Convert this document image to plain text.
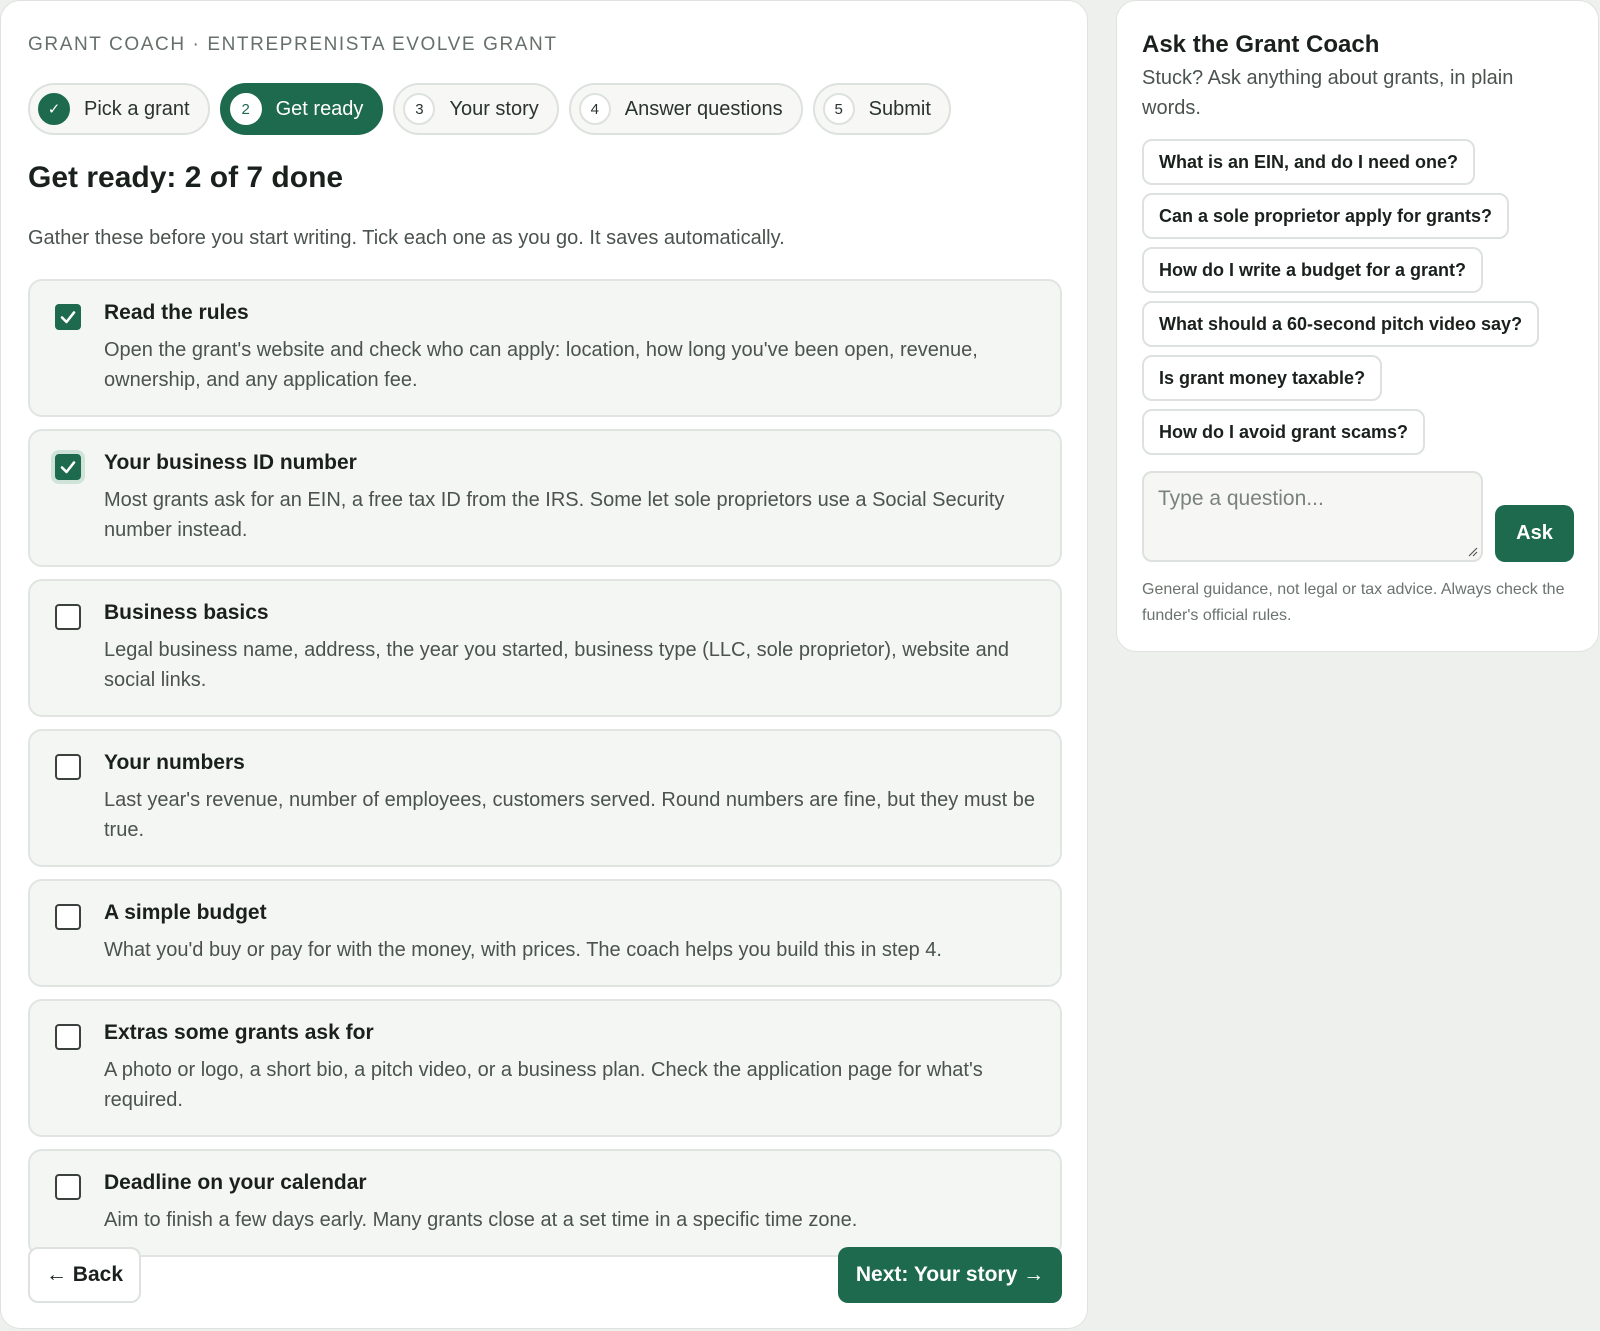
GRANT COACH · ENTREPRENISTA EVOLVE GRANT
✓	Pick a grant	2	Get ready	3	Your story	4	Answer questions	5	Submit
Get ready: 2 of 7 done

Gather these before you start writing. Tick each one as you go. It saves automatically.

Read the rules
Open the grant's website and check who can apply: location, how long you've been open, revenue, ownership, and any application fee.
Your business ID number
Most grants ask for an EIN, a free tax ID from the IRS. Some let sole proprietors use a Social Security number instead.
Business basics
Legal business name, address, the year you started, business type (LLC, sole proprietor), website and social links.
Your numbers
Last year's revenue, number of employees, customers served. Round numbers are fine, but they must be true.
A simple budget
What you'd buy or pay for with the money, with prices. The coach helps you build this in step 4.
Extras some grants ask for
A photo or logo, a short bio, a pitch video, or a business plan. Check the application page for what's required.
Deadline on your calendar
Aim to finish a few days early. Many grants close at a set time in a specific time zone.
← Back	Next: Your story →
Ask the Grant Coach

Stuck? Ask anything about grants, in plain words.

What is an EIN, and do I need one?
Can a sole proprietor apply for grants?
How do I write a budget for a grant?
What should a 60-second pitch video say?
Is grant money taxable?
How do I avoid grant scams?
Type a question...
Ask

General guidance, not legal or tax advice. Always check the funder's official rules.
